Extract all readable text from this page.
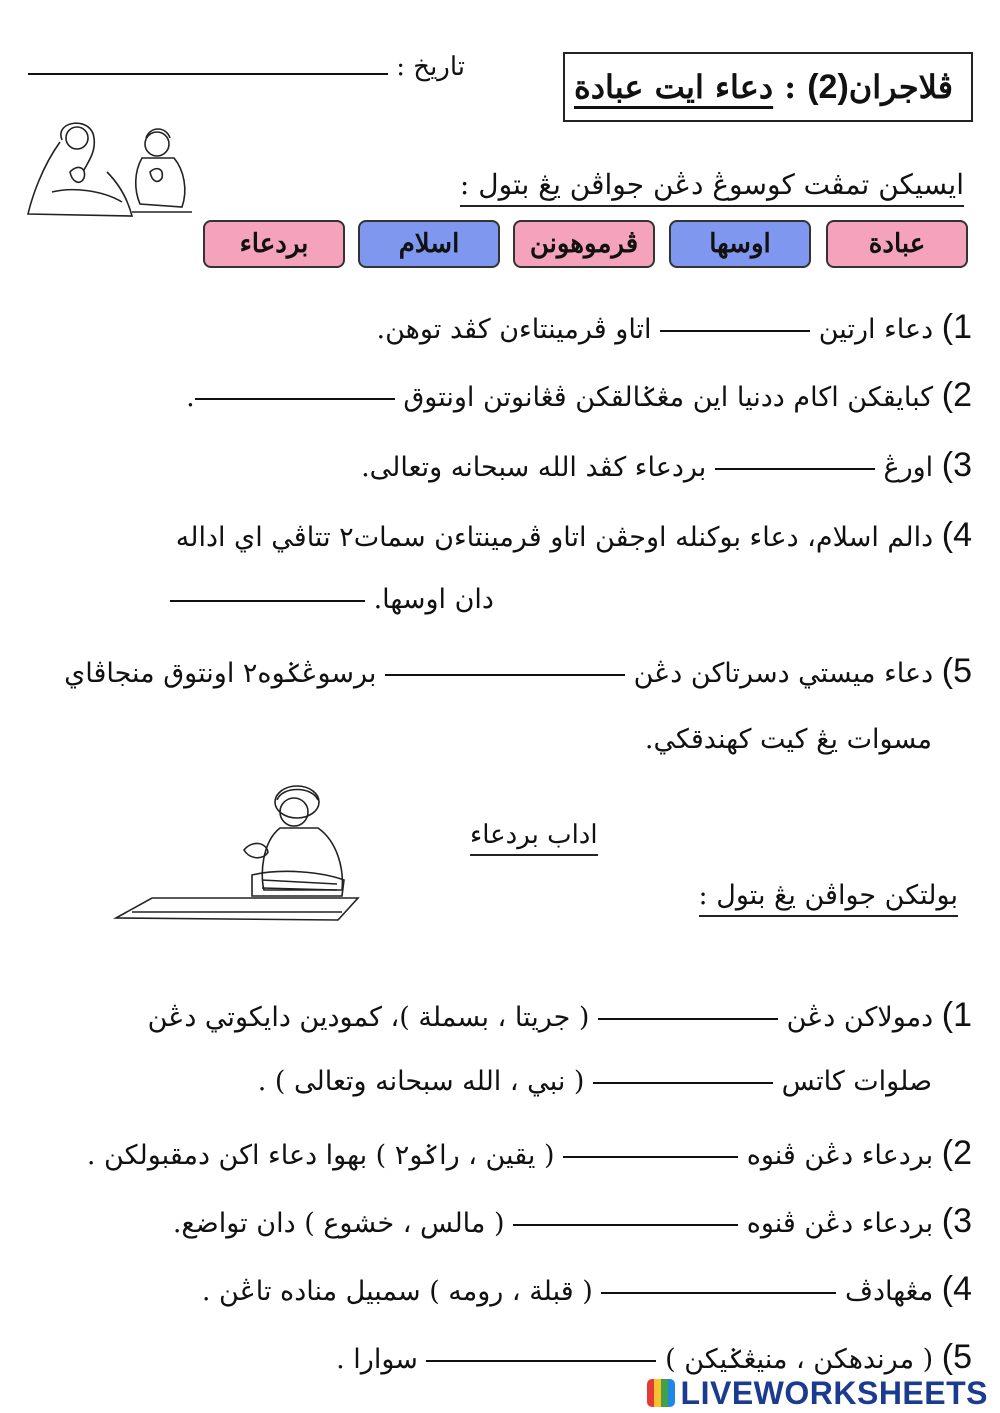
ڤلاجران(2) : دعاء ايت عبادة
تاريخ :
ايسيكن تمڤت كوسوڠ دڠن جواڤن يڠ بتول :
عبادة
اوسها
ڤرموهونن
اسلام
بردعاء
1) دعاء ارتين  اتاو ڤرمينتاءن كڤد توهن.
2) كبايقكن اكام ددنيا اين مڠݢالقكن ڤڠانوتن اونتوق .
3) اورڠ  بردعاء كڤد الله سبحانه وتعالى.
4) دالم اسلام، دعاء بوكنله اوجڤن اتاو ڤرمينتاءن سمات٢ تتاڤي اي اداله
دان اوسها.
5) دعاء ميستي دسرتاكن دڠن  برسوڠݢوه٢ اونتوق منجاڤاي
مسوات يڠ كيت كهندقكي.
اداب بردعاء
بولتكن جواڤن يڠ بتول :
1) دمولاكن دڠن  ( جريتا ، بسملة )، كمودين دايكوتي دڠن
صلوات كاتس  ( نبي ، الله سبحانه وتعالى ) .
2) بردعاء دڠن ڤنوه  ( يقين ، راݢو٢ ) بهوا دعاء اكن دمقبولكن .
3) بردعاء دڠن ڤنوه  ( مالس ، خشوع ) دان تواضع.
4) مڠهادڤ  ( قبلة ، رومه ) سمبيل مناده تاڠن .
5) ( مرندهكن ، منيڠݢيكن )  سوارا .
LIVEWORKSHEETS
